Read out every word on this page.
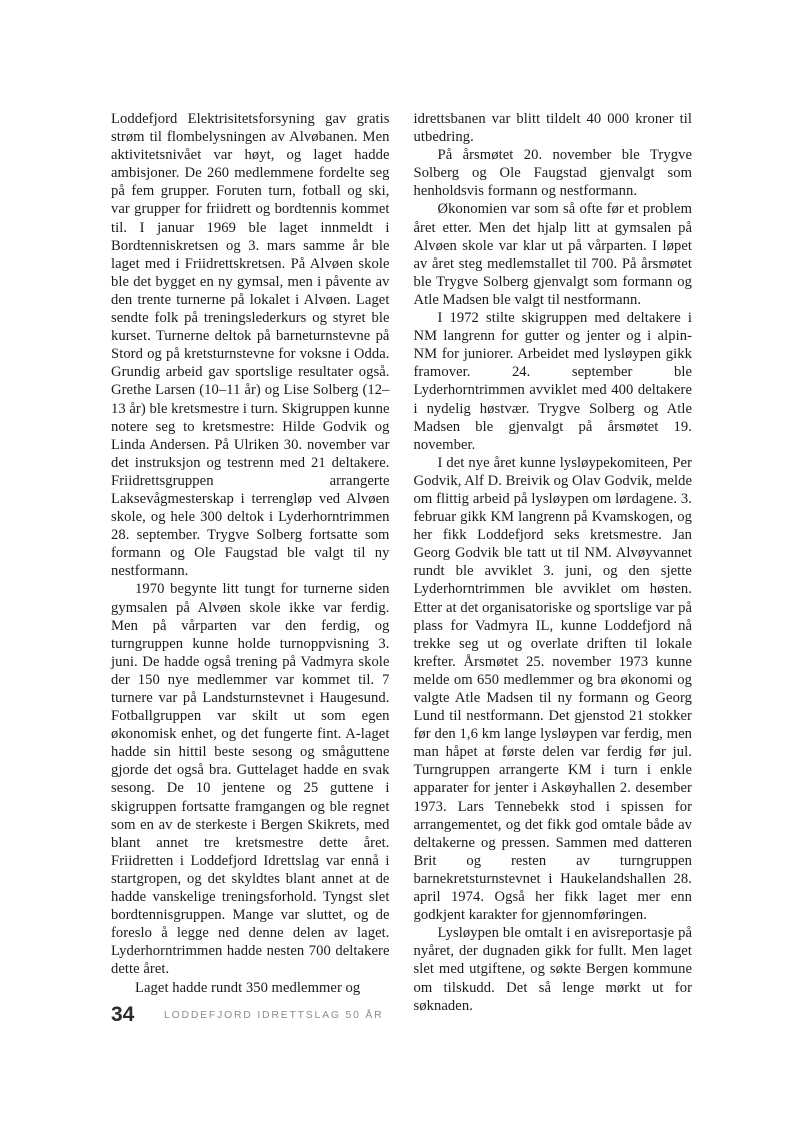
Loddefjord Elektrisitetsforsyning gav gratis strøm til flombelysningen av Alvøbanen. Men aktivitetsnivået var høyt, og laget hadde ambisjoner. De 260 medlemmene fordelte seg på fem grupper. Foruten turn, fotball og ski, var grupper for friidrett og bordtennis kommet til. I januar 1969 ble laget innmeldt i Bordtenniskretsen og 3. mars samme år ble laget med i Friidrettskretsen. På Alvøen skole ble det bygget en ny gymsal, men i påvente av den trente turnerne på lokalet i Alvøen. Laget sendte folk på treningslederkurs og styret ble kurset. Turnerne deltok på barneturnstevne på Stord og på kretsturnstevne for voksne i Odda. Grundig arbeid gav sportslige resultater også. Grethe Larsen (10–11 år) og Lise Solberg (12–13 år) ble kretsmestre i turn. Skigruppen kunne notere seg to kretsmestre: Hilde Godvik og Linda Andersen. På Ulriken 30. november var det instruksjon og testrenn med 21 deltakere. Friidrettsgruppen arrangerte Laksevågmesterskap i terrengløp ved Alvøen skole, og hele 300 deltok i Lyderhorntrimmen 28. september. Trygve Solberg fortsatte som formann og Ole Faugstad ble valgt til ny nestformann.

1970 begynte litt tungt for turnerne siden gymsalen på Alvøen skole ikke var ferdig. Men på vårparten var den ferdig, og turngruppen kunne holde turnoppvisning 3. juni. De hadde også trening på Vadmyra skole der 150 nye medlemmer var kommet til. 7 turnere var på Landsturnstevnet i Haugesund. Fotballgruppen var skilt ut som egen økonomisk enhet, og det fungerte fint. A-laget hadde sin hittil beste sesong og småguttene gjorde det også bra. Guttelaget hadde en svak sesong. De 10 jentene og 25 guttene i skigruppen fortsatte framgangen og ble regnet som en av de sterkeste i Bergen Skikrets, med blant annet tre kretsmestre dette året. Friidretten i Loddefjord Idrettslag var ennå i startgropen, og det skyldtes blant annet at de hadde vanskelige treningsforhold. Tyngst slet bordtennisgruppen. Mange var sluttet, og de foreslo å legge ned denne delen av laget. Lyderhorntrimmen hadde nesten 700 deltakere dette året.

Laget hadde rundt 350 medlemmer og

idrettsbanen var blitt tildelt 40 000 kroner til utbedring.

På årsmøtet 20. november ble Trygve Solberg og Ole Faugstad gjenvalgt som henholdsvis formann og nestformann.

Økonomien var som så ofte før et problem året etter. Men det hjalp litt at gymsalen på Alvøen skole var klar ut på vårparten. I løpet av året steg medlemstallet til 700. På årsmøtet ble Trygve Solberg gjenvalgt som formann og Atle Madsen ble valgt til nestformann.

I 1972 stilte skigruppen med deltakere i NM langrenn for gutter og jenter og i alpin-NM for juniorer. Arbeidet med lysløypen gikk framover. 24. september ble Lyderhorntrimmen avviklet med 400 deltakere i nydelig høstvær. Trygve Solberg og Atle Madsen ble gjenvalgt på årsmøtet 19. november.

I det nye året kunne lysløypekomiteen, Per Godvik, Alf D. Breivik og Olav Godvik, melde om flittig arbeid på lysløypen om lørdagene. 3. februar gikk KM langrenn på Kvamskogen, og her fikk Loddefjord seks kretsmestre. Jan Georg Godvik ble tatt ut til NM. Alvøyvannet rundt ble avviklet 3. juni, og den sjette Lyderhorntrimmen ble avviklet om høsten. Etter at det organisatoriske og sportslige var på plass for Vadmyra IL, kunne Loddefjord nå trekke seg ut og overlate driften til lokale krefter. Årsmøtet 25. november 1973 kunne melde om 650 medlemmer og bra økonomi og valgte Atle Madsen til ny formann og Georg Lund til nestformann. Det gjenstod 21 stokker før den 1,6 km lange lysløypen var ferdig, men man håpet at første delen var ferdig før jul. Turngruppen arrangerte KM i turn i enkle apparater for jenter i Askøyhallen 2. desember 1973. Lars Tennebekk stod i spissen for arrangementet, og det fikk god omtale både av deltakerne og pressen. Sammen med datteren Brit og resten av turngruppen barnekretsturnstevnet i Haukelandshallen 28. april 1974. Også her fikk laget mer enn godkjent karakter for gjennomføringen.

Lysløypen ble omtalt i en avisreportasje på nyåret, der dugnaden gikk for fullt. Men laget slet med utgiftene, og søkte Bergen kommune om tilskudd. Det så lenge mørkt ut for søknaden.

34	LODDEFJORD IDRETTSLAG 50 ÅR
